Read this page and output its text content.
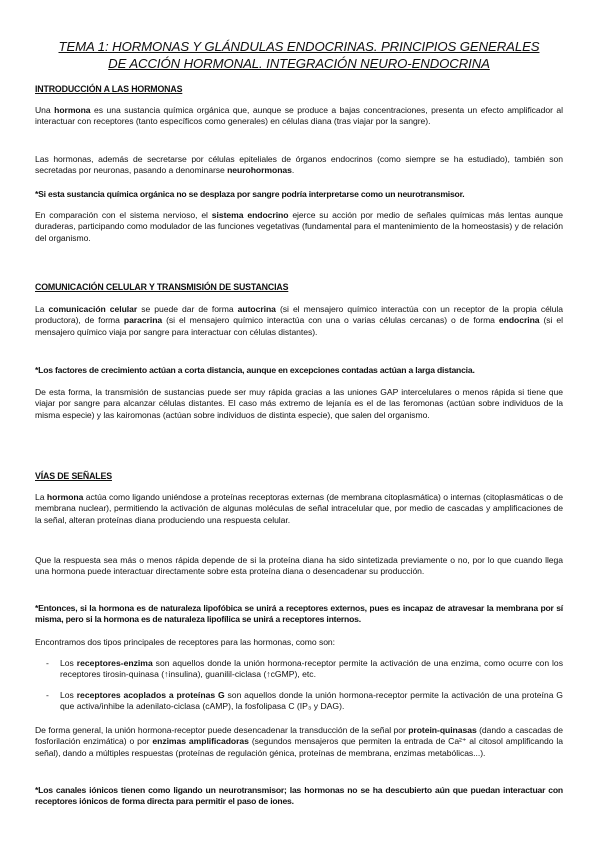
TEMA 1: HORMONAS Y GLÁNDULAS ENDOCRINAS. PRINCIPIOS GENERALES
DE ACCIÓN HORMONAL. INTEGRACIÓN NEURO-ENDOCRINA
INTRODUCCIÓN A LAS HORMONAS

Una hormona es una sustancia química orgánica que, aunque se produce a bajas concentraciones, presenta un efecto amplificador al interactuar con receptores (tanto específicos como generales) en células diana (tras viajar por la sangre).

Las hormonas, además de secretarse por células epiteliales de órganos endocrinos (como siempre se ha estudiado), también son secretadas por neuronas, pasando a denominarse neurohormonas.

*Si esta sustancia química orgánica no se desplaza por sangre podría interpretarse como un neurotransmisor.

En comparación con el sistema nervioso, el sistema endocrino ejerce su acción por medio de señales químicas más lentas aunque duraderas, participando como modulador de las funciones vegetativas (fundamental para el mantenimiento de la homeostasis) y de relación del organismo.

COMUNICACIÓN CELULAR Y TRANSMISIÓN DE SUSTANCIAS

La comunicación celular se puede dar de forma autocrina (si el mensajero químico interactúa con un receptor de la propia célula productora), de forma paracrina (si el mensajero químico interactúa con una o varias células cercanas) o de forma endocrina (si el mensajero químico viaja por sangre para interactuar con células distantes).

*Los factores de crecimiento actúan a corta distancia, aunque en excepciones contadas actúan a larga distancia.

De esta forma, la transmisión de sustancias puede ser muy rápida gracias a las uniones GAP intercelulares o menos rápida si tiene que viajar por sangre para alcanzar células distantes. El caso más extremo de lejanía es el de las feromonas (actúan sobre individuos de la misma especie) y las kairomonas (actúan sobre individuos de distinta especie), que salen del organismo.

VÍAS DE SEÑALES

La hormona actúa como ligando uniéndose a proteínas receptoras externas (de membrana citoplasmática) o internas (citoplasmáticas o de membrana nuclear), permitiendo la activación de algunas moléculas de señal intracelular que, por medio de cascadas y amplificaciones de la señal, alteran proteínas diana produciendo una respuesta celular.

Que la respuesta sea más o menos rápida depende de si la proteína diana ha sido sintetizada previamente o no, por lo que cuando llega una hormona puede interactuar directamente sobre esta proteína diana o desencadenar su producción.

*Entonces, si la hormona es de naturaleza lipofóbica se unirá a receptores externos, pues es incapaz de atravesar la membrana por sí misma, pero si la hormona es de naturaleza lipofílica se unirá a receptores internos.

Encontramos dos tipos principales de receptores para las hormonas, como son:

- Los receptores-enzima son aquellos donde la unión hormona-receptor permite la activación de una enzima, como ocurre con los receptores tirosin-quinasa (↑insulina), guanilil-ciclasa (↑cGMP), etc.

- Los receptores acoplados a proteínas G son aquellos donde la unión hormona-receptor permite la activación de una proteína G que activa/inhibe la adenilato-ciclasa (cAMP), la fosfolipasa C (IP₃ y DAG).

De forma general, la unión hormona-receptor puede desencadenar la transducción de la señal por protein-quinasas (dando a cascadas de fosforilación enzimática) o por enzimas amplificadoras (segundos mensajeros que permiten la entrada de Ca²⁺ al citosol amplificando la señal), dando a múltiples respuestas (proteínas de regulación génica, proteínas de membrana, enzimas metabólicas...).

*Los canales iónicos tienen como ligando un neurotransmisor; las hormonas no se ha descubierto aún que puedan interactuar con receptores iónicos de forma directa para permitir el paso de iones.
